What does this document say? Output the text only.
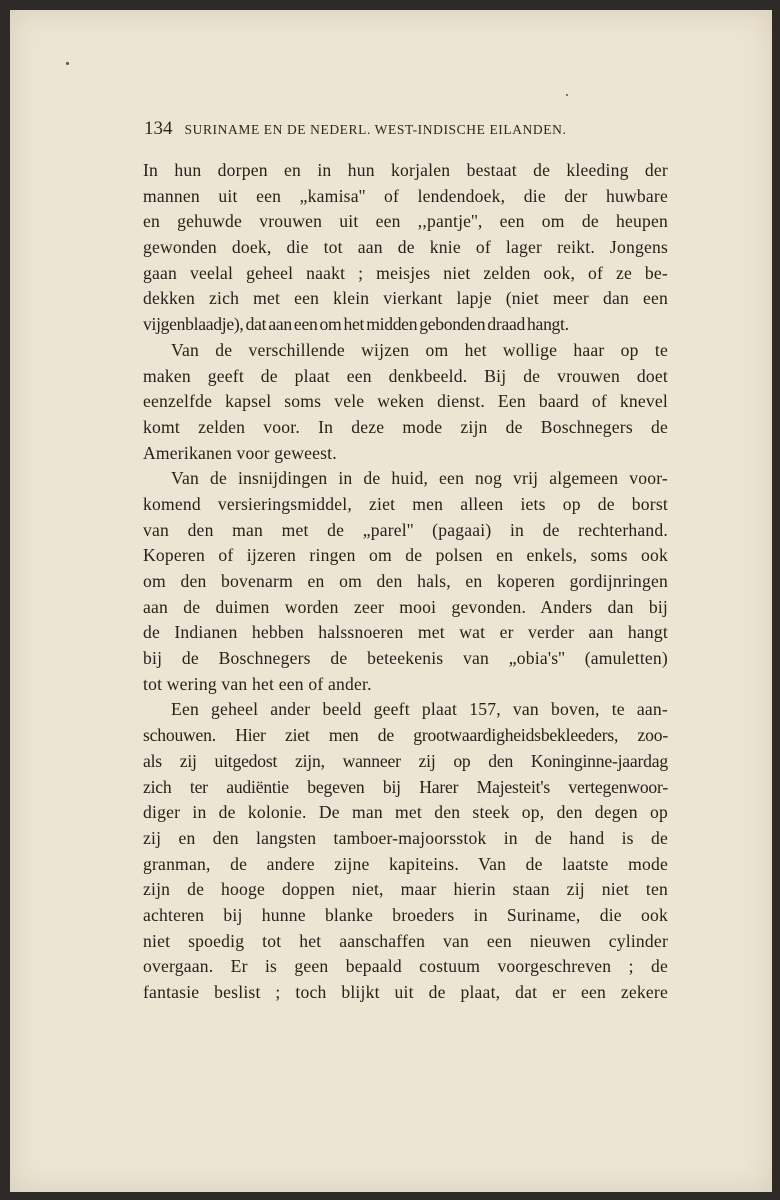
134 SURINAME EN DE NEDERL. WEST-INDISCHE EILANDEN.
In hun dorpen en in hun korjalen bestaat de kleeding der
mannen uit een „kamisa'' of lendendoek, die der huwbare
en gehuwde vrouwen uit een ,,pantje'', een om de heupen
gewonden doek, die tot aan de knie of lager reikt. Jongens
gaan veelal geheel naakt ; meisjes niet zelden ook, of ze be-
dekken zich met een klein vierkant lapje (niet meer dan een
vijgenblaadje), dat aan een om het midden gebonden draad hangt.
Van de verschillende wijzen om het wollige haar op te
maken geeft de plaat een denkbeeld. Bij de vrouwen doet
eenzelfde kapsel soms vele weken dienst. Een baard of knevel
komt zelden voor. In deze mode zijn de Boschnegers de
Amerikanen voor geweest.
Van de insnijdingen in de huid, een nog vrij algemeen voor-
komend versieringsmiddel, ziet men alleen iets op de borst
van den man met de „parel'' (pagaai) in de rechterhand.
Koperen of ijzeren ringen om de polsen en enkels, soms ook
om den bovenarm en om den hals, en koperen gordijnringen
aan de duimen worden zeer mooi gevonden. Anders dan bij
de Indianen hebben halssnoeren met wat er verder aan hangt
bij de Boschnegers de beteekenis van „obia's'' (amuletten)
tot wering van het een of ander.
Een geheel ander beeld geeft plaat 157, van boven, te aan-
schouwen. Hier ziet men de grootwaardigheidsbekleeders, zoo-
als zij uitgedost zijn, wanneer zij op den Koninginne-jaardag
zich ter audiëntie begeven bij Harer Majesteit's vertegenwoor-
diger in de kolonie. De man met den steek op, den degen op
zij en den langsten tamboer-majoorsstok in de hand is de
granman, de andere zijne kapiteins. Van de laatste mode
zijn de hooge doppen niet, maar hierin staan zij niet ten
achteren bij hunne blanke broeders in Suriname, die ook
niet spoedig tot het aanschaffen van een nieuwen cylinder
overgaan. Er is geen bepaald costuum voorgeschreven ; de
fantasie beslist ; toch blijkt uit de plaat, dat er een zekere
